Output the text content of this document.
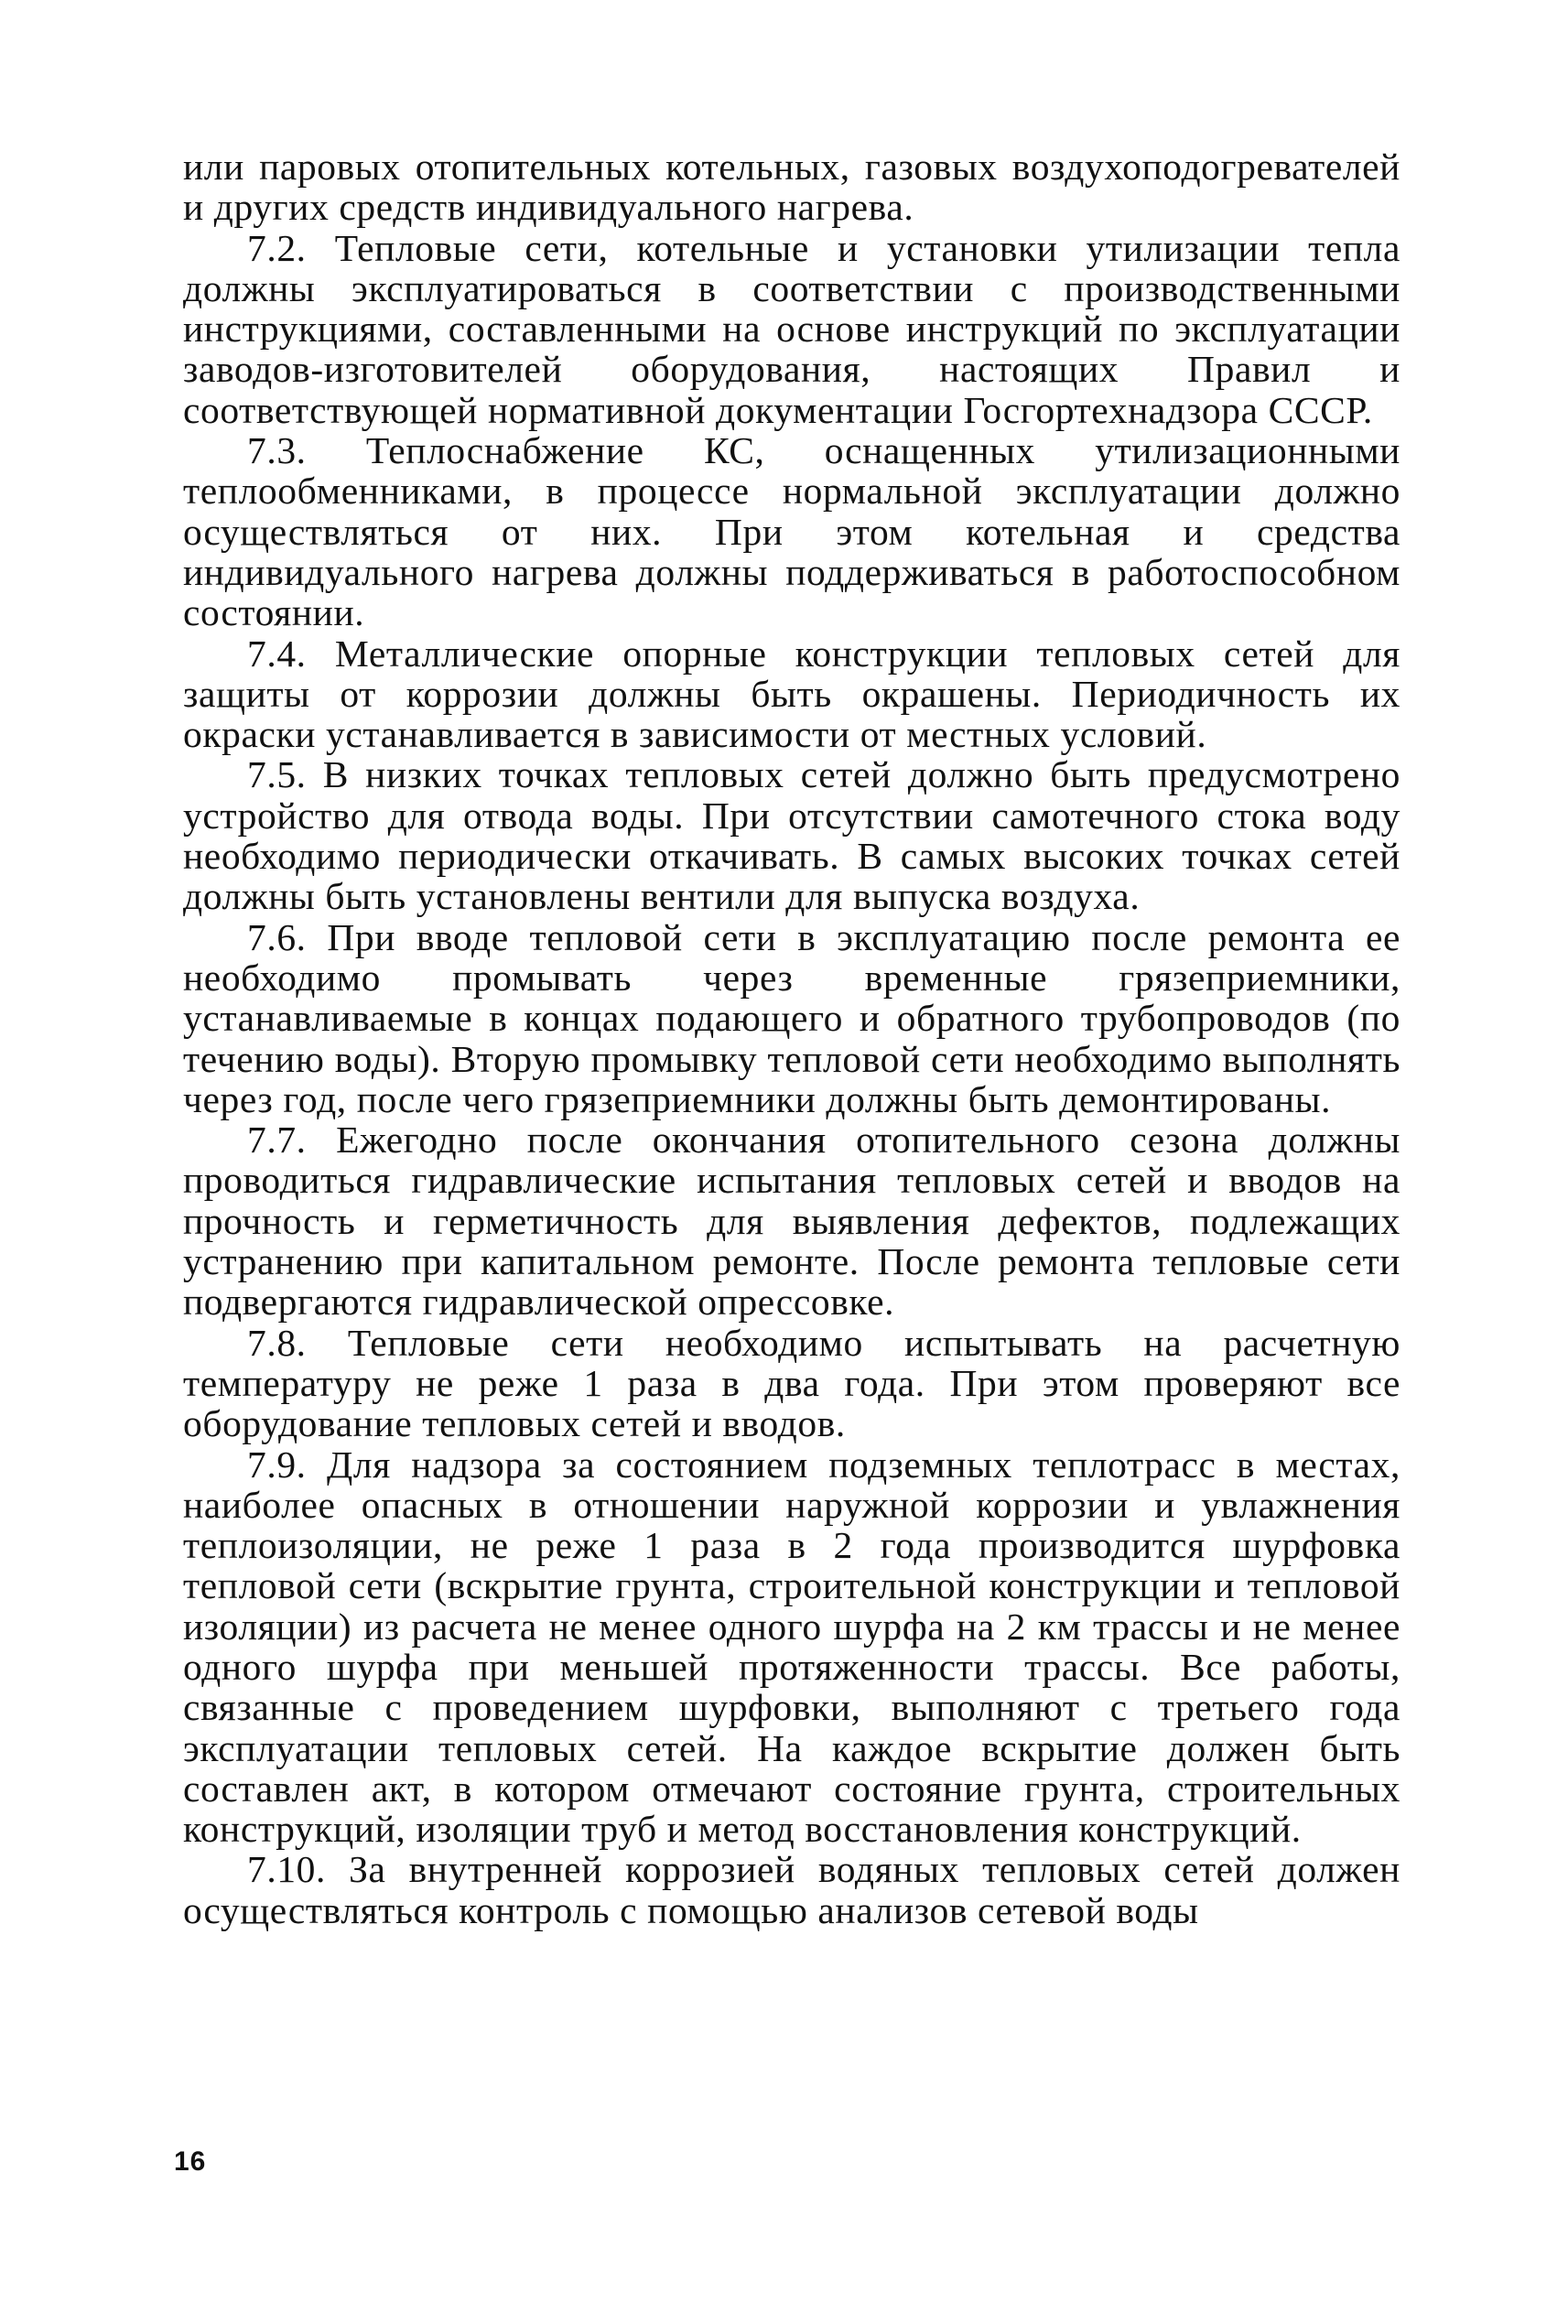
или паровых отопительных котельных, газовых воздухоподогревателей и других средств индивидуального нагрева.

7.2. Тепловые сети, котельные и установки утилизации тепла должны эксплуатироваться в соответствии с производственными инструкциями, составленными на основе инструкций по эксплуатации заводов-изготовителей оборудования, настоящих Правил и соответствующей нормативной документации Госгортехнадзора СССР.

7.3. Теплоснабжение КС, оснащенных утилизационными теплообменниками, в процессе нормальной эксплуатации должно осуществляться от них. При этом котельная и средства индивидуального нагрева должны поддерживаться в работоспособном состоянии.

7.4. Металлические опорные конструкции тепловых сетей для защиты от коррозии должны быть окрашены. Периодичность их окраски устанавливается в зависимости от местных условий.

7.5. В низких точках тепловых сетей должно быть предусмотрено устройство для отвода воды. При отсутствии самотечного стока воду необходимо периодически откачивать. В самых высоких точках сетей должны быть установлены вентили для выпуска воздуха.

7.6. При вводе тепловой сети в эксплуатацию после ремонта ее необходимо промывать через временные грязеприемники, устанавливаемые в концах подающего и обратного трубопроводов (по течению воды). Вторую промывку тепловой сети необходимо выполнять через год, после чего грязеприемники должны быть демонтированы.

7.7. Ежегодно после окончания отопительного сезона должны проводиться гидравлические испытания тепловых сетей и вводов на прочность и герметичность для выявления дефектов, подлежащих устранению при капитальном ремонте. После ремонта тепловые сети подвергаются гидравлической опрессовке.

7.8. Тепловые сети необходимо испытывать на расчетную температуру не реже 1 раза в два года. При этом проверяют все оборудование тепловых сетей и вводов.

7.9. Для надзора за состоянием подземных теплотрасс в местах, наиболее опасных в отношении наружной коррозии и увлажнения теплоизоляции, не реже 1 раза в 2 года производится шурфовка тепловой сети (вскрытие грунта, строительной конструкции и тепловой изоляции) из расчета не менее одного шурфа на 2 км трассы и не менее одного шурфа при меньшей протяженности трассы. Все работы, связанные с проведением шурфовки, выполняют с третьего года эксплуатации тепловых сетей. На каждое вскрытие должен быть составлен акт, в котором отмечают состояние грунта, строительных конструкций, изоляции труб и метод восстановления конструкций.

7.10. За внутренней коррозией водяных тепловых сетей должен осуществляться контроль с помощью анализов сетевой воды

16
